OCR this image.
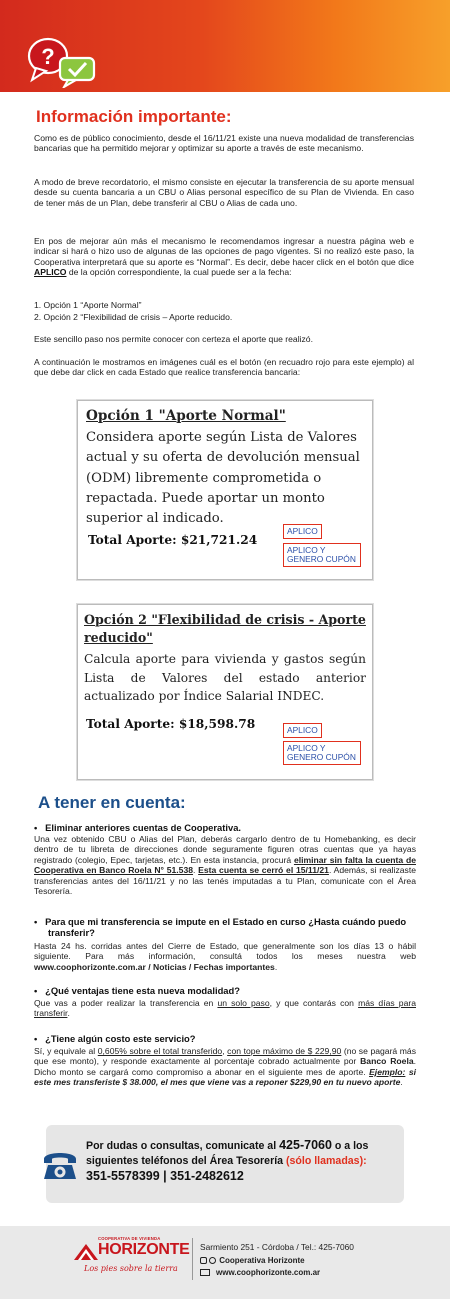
?
Información importante:
Como es de público conocimiento, desde el 16/11/21 existe una nueva modalidad de transferencias bancarias que ha permitido mejorar y optimizar su aporte a través de este mecanismo.
A modo de breve recordatorio, el mismo consiste en ejecutar la transferencia de su aporte mensual desde su cuenta bancaria a un CBU o Alias personal específico de su Plan de Vivienda. En caso de tener más de un Plan, debe transferir al CBU o Alias de cada uno.
En pos de mejorar aún más el mecanismo le recomendamos ingresar a nuestra página web e indicar si hará o hizo uso de algunas de las opciones de pago vigentes. Si no realizó este paso, la Cooperativa interpretará que su aporte es “Normal”. Es decir, debe hacer click en el botón que dice APLICO de la opción correspondiente, la cual puede ser a la fecha:
1. Opción 1 “Aporte Normal”
2. Opción 2 “Flexibilidad de crisis – Aporte reducido.
Este sencillo paso nos permite conocer con certeza el aporte que realizó.
A continuación le mostramos en imágenes cuál es el botón (en recuadro rojo para este ejemplo) al que debe dar click en cada Estado que realice transferencia bancaria:
Opción 1 "Aporte Normal"
Considera aporte según Lista de Valores actual y su oferta de devolución mensual (ODM) libremente comprometida o repactada. Puede aportar un monto superior al indicado.
Total Aporte: $21,721.24
APLICO
APLICO Y GENERO CUPÓN
Opción 2 "Flexibilidad de crisis - Aporte reducido"
Calcula aporte para vivienda y gastos según Lista de Valores del estado anterior actualizado por Índice Salarial INDEC.
Total Aporte: $18,598.78	APLICO
APLICO Y GENERO CUPÓN
A tener en cuenta:
•   Eliminar anteriores cuentas de Cooperativa.
Una vez obtenido CBU o Alias del Plan, deberás cargarlo dentro de tu Homebanking, es decir dentro de tu libreta de direcciones donde seguramente figuren otras cuentas que ya hayas registrado (colegio, Epec, tarjetas, etc.). En esta instancia, procurá eliminar sin falta la cuenta de Cooperativa en Banco Roela N° 51.538. Esta cuenta se cerró el 15/11/21. Además, si realizaste transferencias antes del 16/11/21 y no las tenés imputadas a tu Plan, comunicate con el Área Tesorería.
•   Para que mi transferencia se impute en el Estado en curso ¿Hasta cuándo puedo transferir?
Hasta 24 hs. corridas antes del Cierre de Estado, que generalmente son los días 13 o hábil siguiente. Para más información, consultá todos los meses nuestra web www.coophorizonte.com.ar / Noticias / Fechas importantes.
•   ¿Qué ventajas tiene esta nueva modalidad?
Que vas a poder realizar la transferencia en un solo paso, y que contarás con más días para transferir.
•   ¿Tiene algún costo este servicio?
Sí, y equivale al 0,605% sobre el total transferido, con tope máximo de $ 229,90 (no se pagará más que ese monto), y responde exactamente al porcentaje cobrado actualmente por Banco Roela. Dicho monto se cargará como compromiso a abonar en el siguiente mes de aporte. Ejemplo: si este mes transferiste $ 38.000, el mes que viene vas a reponer $229,90 en tu nuevo aporte.
Por dudas o consultas, comunicate al 425-7060 o a los siguientes teléfonos del Área Tesorería (sólo llamadas):
351-5578399 | 351-2482612
COOPERATIVA DE VIVIENDA
HORIZONTE
Los pies sobre la tierra
Sarmiento 251 - Córdoba / Tel.: 425-7060
Cooperativa Horizonte
www.coophorizonte.com.ar
